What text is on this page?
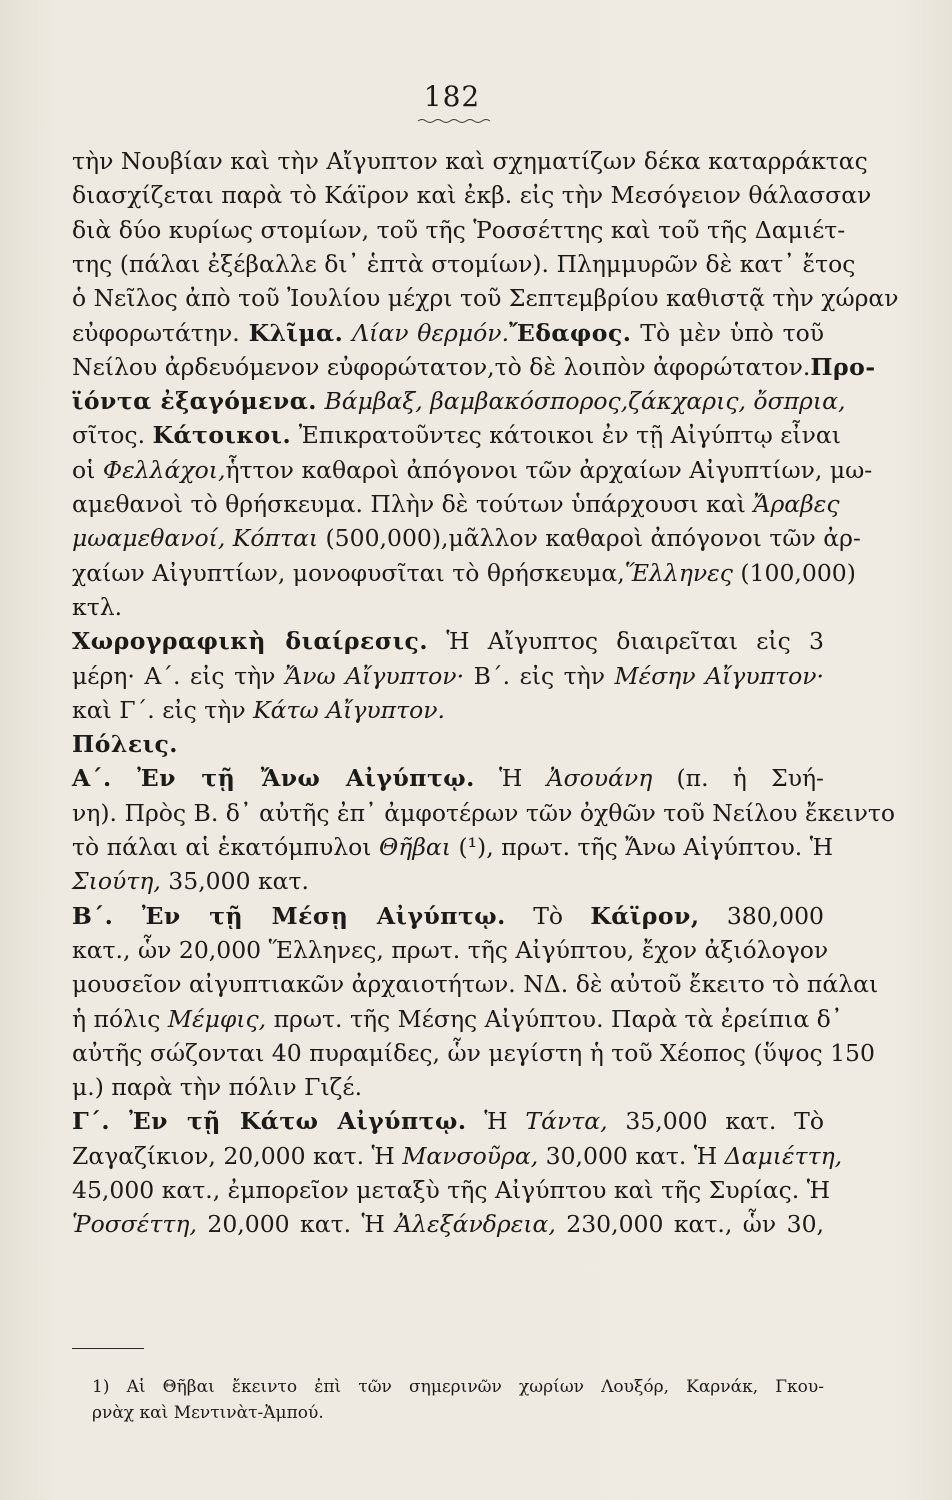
182
τὴν Νουβίαν καὶ τὴν Αἴγυπτον καὶ σχηματίζων δέκα καταρράκτας
διασχίζεται παρὰ τὸ Κάϊρον καὶ ἐκβ. εἰς τὴν Μεσόγειον θάλασσαν
διὰ δύο κυρίως στομίων, τοῦ τῆς Ῥοσσέττης καὶ τοῦ τῆς Δαμιέτ-
της (πάλαι ἐξέβαλλε δι᾽ ἑπτὰ στομίων). Πλημμυρῶν δὲ κατ᾽ ἔτος
ὁ Νεῖλος ἀπὸ τοῦ Ἰουλίου μέχρι τοῦ Σεπτεμβρίου καθιστᾷ τὴν χώραν
εὐφορωτάτην. Κλῖμα. Λίαν θερμόν.Ἔδαφος. Τὸ μὲν ὑπὸ τοῦ
Νείλου ἀρδευόμενον εὐφορώτατον,τὸ δὲ λοιπὸν ἀφορώτατον.Προ-
ϊόντα ἐξαγόμενα. Βάμβαξ, βαμβακόσπορος,ζάκχαρις, ὄσπρια,
σῖτος. Κάτοικοι. Ἐπικρατοῦντες κάτοικοι ἐν τῇ Αἰγύπτῳ εἶναι
οἱ Φελλάχοι,ἧττον καθαροὶ ἀπόγονοι τῶν ἀρχαίων Αἰγυπτίων, μω-
αμεθανοὶ τὸ θρήσκευμα. Πλὴν δὲ τούτων ὑπάρχουσι καὶ Ἄραβες
μωαμεθανοί, Κόπται (500,000),μᾶλλον καθαροὶ ἀπόγονοι τῶν ἀρ-
χαίων Αἰγυπτίων, μονοφυσῖται τὸ θρήσκευμα,Ἕλληνες (100,000)
κτλ.
Χωρογραφικὴ διαίρεσις. Ἡ Αἴγυπτος διαιρεῖται εἰς 3
μέρη· Α΄. εἰς τὴν Ἄνω Αἴγυπτον· Β΄. εἰς τὴν Μέσην Αἴγυπτον·
καὶ Γ΄. εἰς τὴν Κάτω Αἴγυπτον.
Πόλεις.
Α΄. Ἐν τῇ Ἄνω Αἰγύπτῳ. Ἡ Ἀσουάνη (π. ἡ Συή-
νη). Πρὸς Β. δ᾽ αὐτῆς ἐπ᾽ ἀμφοτέρων τῶν ὀχθῶν τοῦ Νείλου ἔκειντο
τὸ πάλαι αἱ ἑκατόμπυλοι Θῆβαι (¹), πρωτ. τῆς Ἄνω Αἰγύπτου. Ἡ
Σιούτη, 35,000 κατ.
Β΄. Ἐν τῇ Μέσῃ Αἰγύπτῳ. Τὸ Κάϊρον, 380,000
κατ., ὧν 20,000 Ἕλληνες, πρωτ. τῆς Αἰγύπτου, ἔχον ἀξιόλογον
μουσεῖον αἰγυπτιακῶν ἀρχαιοτήτων. ΝΔ. δὲ αὐτοῦ ἔκειτο τὸ πάλαι
ἡ πόλις Μέμφις, πρωτ. τῆς Μέσης Αἰγύπτου. Παρὰ τὰ ἐρείπια δ᾽
αὐτῆς σώζονται 40 πυραμίδες, ὧν μεγίστη ἡ τοῦ Χέοπος (ὕψος 150
μ.) παρὰ τὴν πόλιν Γιζέ.
Γ΄. Ἐν τῇ Κάτω Αἰγύπτῳ. Ἡ Τάντα, 35,000 κατ. Τὸ
Ζαγαζίκιον, 20,000 κατ. Ἡ Μανσοῦρα, 30,000 κατ. Ἡ Δαμιέττη,
45,000 κατ., ἐμπορεῖον μεταξὺ τῆς Αἰγύπτου καὶ τῆς Συρίας. Ἡ
Ῥοσσέττη, 20,000 κατ. Ἡ Ἀλεξάνδρεια, 230,000 κατ., ὧν 30,
1) Αἱ Θῆβαι ἔκειντο ἐπὶ τῶν σημερινῶν χωρίων Λουξόρ, Καρνάκ, Γκου-
ρνὰχ καὶ Μεντινὰτ-Ἀμπού.
